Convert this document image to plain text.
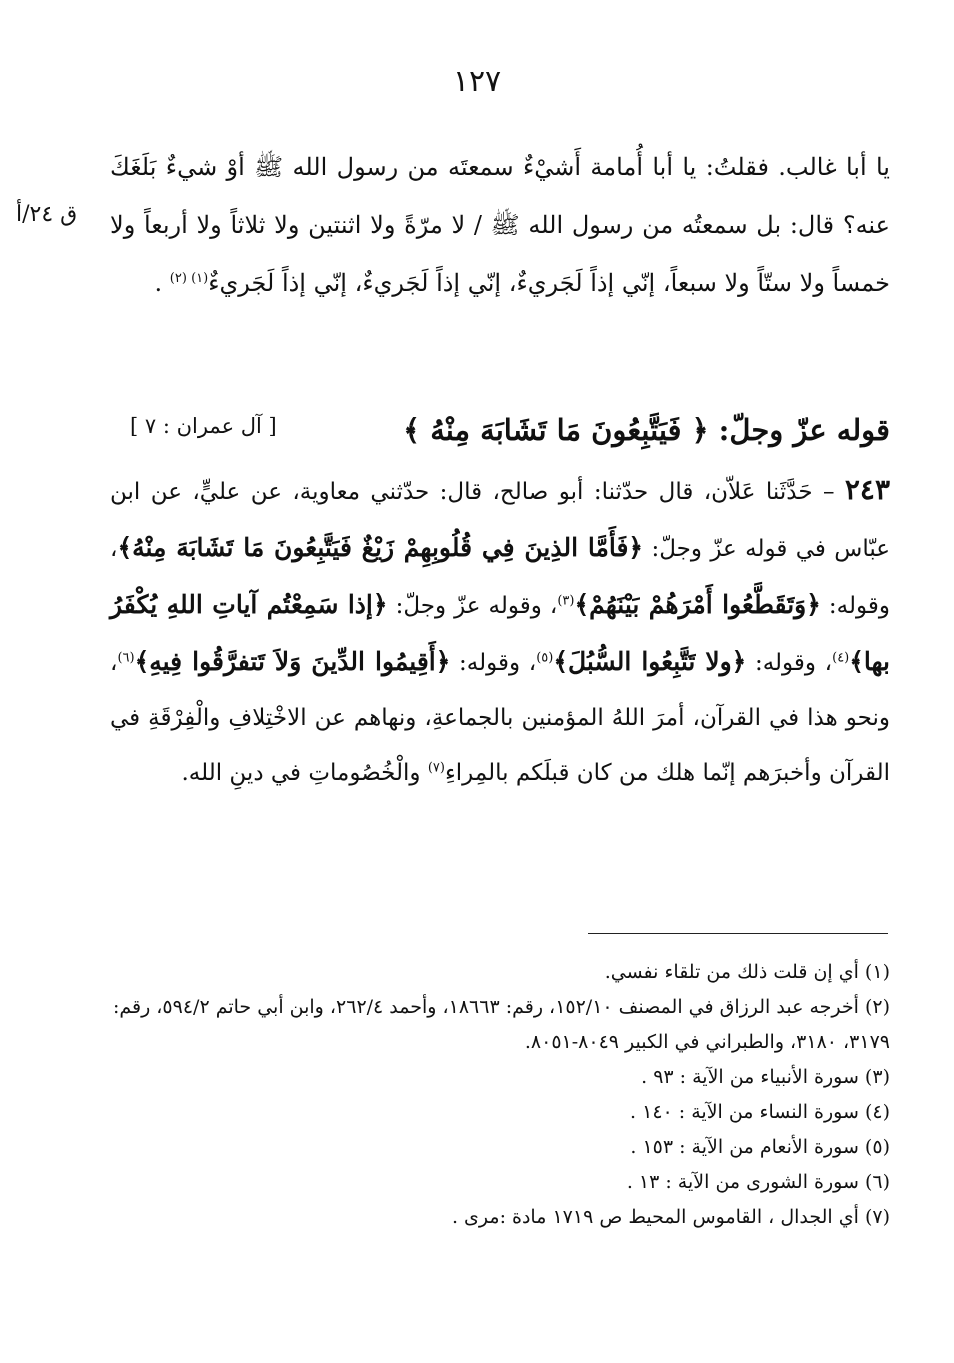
١٢٧
ق ٢٤/أ

يا أبا غالب. فقلتُ: يا أبا أُمامة أَشيْءٌ سمعتَه من رسول الله ﷺ أوْ شيءٌ بَلَغَكَ عنه؟ قال: بل سمعتُه من رسول الله ﷺ / لا مرّةً ولا اثنتين ولا ثلاثاً ولا أربعاً ولا خمساً ولا ستّاً ولا سبعاً، إنّي إذاً لَجَريءٌ، إنّي إذاً لَجَريءٌ، إنّي إذاً لَجَريءٌ$^{(١) (٢)}$ .

قوله عزّ وجلّ: ﴿ فَيَتَّبِعُونَ مَا تَشَابَهَ مِنْهُ ﴾
[ آل عمران : ٧ ]

٢٤٣ – حَدَّثَنا عَلاّن، قال حدّثنا: أبو صالح، قال: حدّثني معاوية، عن عليٍّ، عن ابن عبّاس في قوله عزّ وجلّ: ﴿فَأَمَّا الذِينَ فِي قُلُوبِهِمْ زَيْغٌ فَيَتَّبِعُونَ مَا تَشَابَهَ مِنْهُ﴾، وقوله: ﴿وَتَقَطَّعُوا أَمْرَهُمْ بَيْنَهُمْ﴾$^{(٣)}$، وقوله عزّ وجلّ: ﴿إذا سَمِعْتُم آياتِ اللهِ يُكْفَرُ بها﴾$^{(٤)}$، وقوله: ﴿ولا تَتَّبِعُوا السُّبُلَ﴾$^{(٥)}$، وقوله: ﴿أَقِيمُوا الدِّينَ وَلاَ تَتفرَّقُوا فِيهِ﴾$^{(٦)}$، ونحو هذا في القرآن، أمرَ اللهُ المؤمنين بالجماعةِ، ونهاهم عن الاخْتِلافِ والْفِرْقَةِ في القرآن وأخبرَهم إنّما هلك من كان قبلَكم بالمِراءِ$^{(٧)}$ والْخُصُوماتِ في دينِ الله.

(١) أي إن قلت ذلك من تلقاء نفسي.

(٢) أخرجه عبد الرزاق في المصنف ١٥٢/١٠، رقم: ١٨٦٦٣، وأحمد ٢٦٢/٤، وابن أبي حاتم ٥٩٤/٢، رقم: ٣١٧٩، ٣١٨٠، والطبراني في الكبير ٨٠٤٩-٨٠٥١.

(٣) سورة الأنبياء من الآية : ٩٣ .

(٤) سورة النساء من الآية : ١٤٠ .

(٥) سورة الأنعام من الآية : ١٥٣ .

(٦) سورة الشورى من الآية : ١٣ .

(٧) أي الجدال ، القاموس المحيط ص ١٧١٩ مادة :مرى .
